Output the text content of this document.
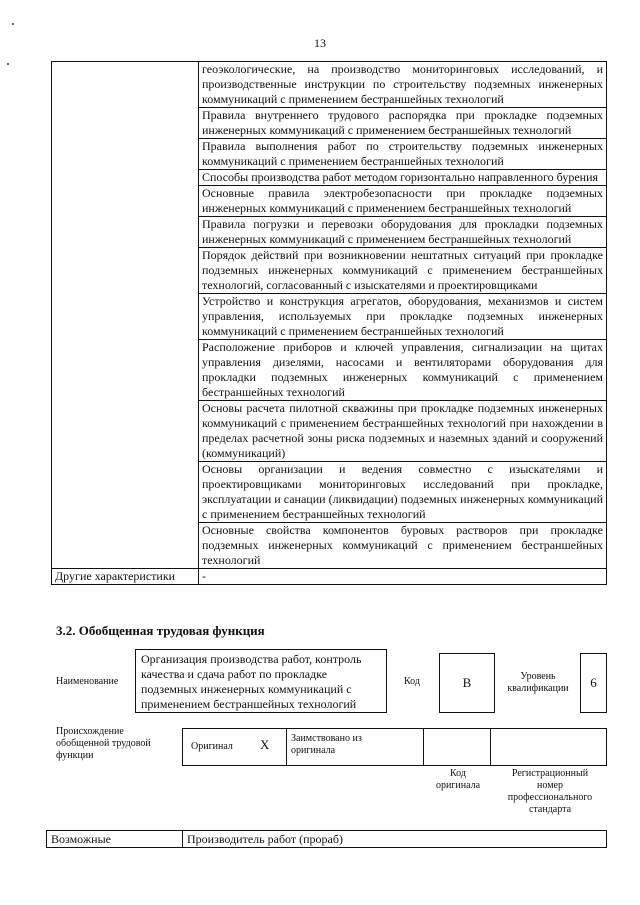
13
	геоэкологические, на производство мониторинговых исследований, и производственные инструкции по строительству подземных инженерных коммуникаций с применением бестраншейных технологий
	Правила внутреннего трудового распорядка при прокладке подземных инженерных коммуникаций с применением бестраншейных технологий
	Правила выполнения работ по строительству подземных инженерных коммуникаций с применением бестраншейных технологий
	Способы производства работ методом горизонтально направленного бурения
	Основные правила электробезопасности при прокладке подземных инженерных коммуникаций с применением бестраншейных технологий
	Правила погрузки и перевозки оборудования для прокладки подземных инженерных коммуникаций с применением бестраншейных технологий
	Порядок действий при возникновении нештатных ситуаций при прокладке подземных инженерных коммуникаций с применением бестраншейных технологий, согласованный с изыскателями и проектировщиками
	Устройство и конструкция агрегатов, оборудования, механизмов и систем управления, используемых при прокладке подземных инженерных коммуникаций с применением бестраншейных технологий
	Расположение приборов и ключей управления, сигнализации на щитах управления дизелями, насосами и вентиляторами оборудования для прокладки подземных инженерных коммуникаций с применением бестраншейных технологий
	Основы расчета пилотной скважины при прокладке подземных инженерных коммуникаций с применением бестраншейных технологий при нахождении в пределах расчетной зоны риска подземных и наземных зданий и сооружений (коммуникаций)
	Основы организации и ведения совместно с изыскателями и проектировщиками мониторинговых исследований при прокладке, эксплуатации и санации (ликвидации) подземных инженерных коммуникаций с применением бестраншейных технологий
	Основные свойства компонентов буровых растворов при прокладке подземных инженерных коммуникаций с применением бестраншейных технологий
Другие характеристики	-
3.2. Обобщенная трудовая функция
Наименование
Организация производства работ, контроль качества и сдача работ по прокладке подземных инженерных коммуникаций с применением бестраншейных технологий
Код	B	Уровень квалификации	6
Происхождение обобщенной трудовой функции
Оригинал X Заимствовано из оригинала
Код оригинала
Регистрационный номер профессионального стандарта
Возможные	Производитель работ (прораб)
